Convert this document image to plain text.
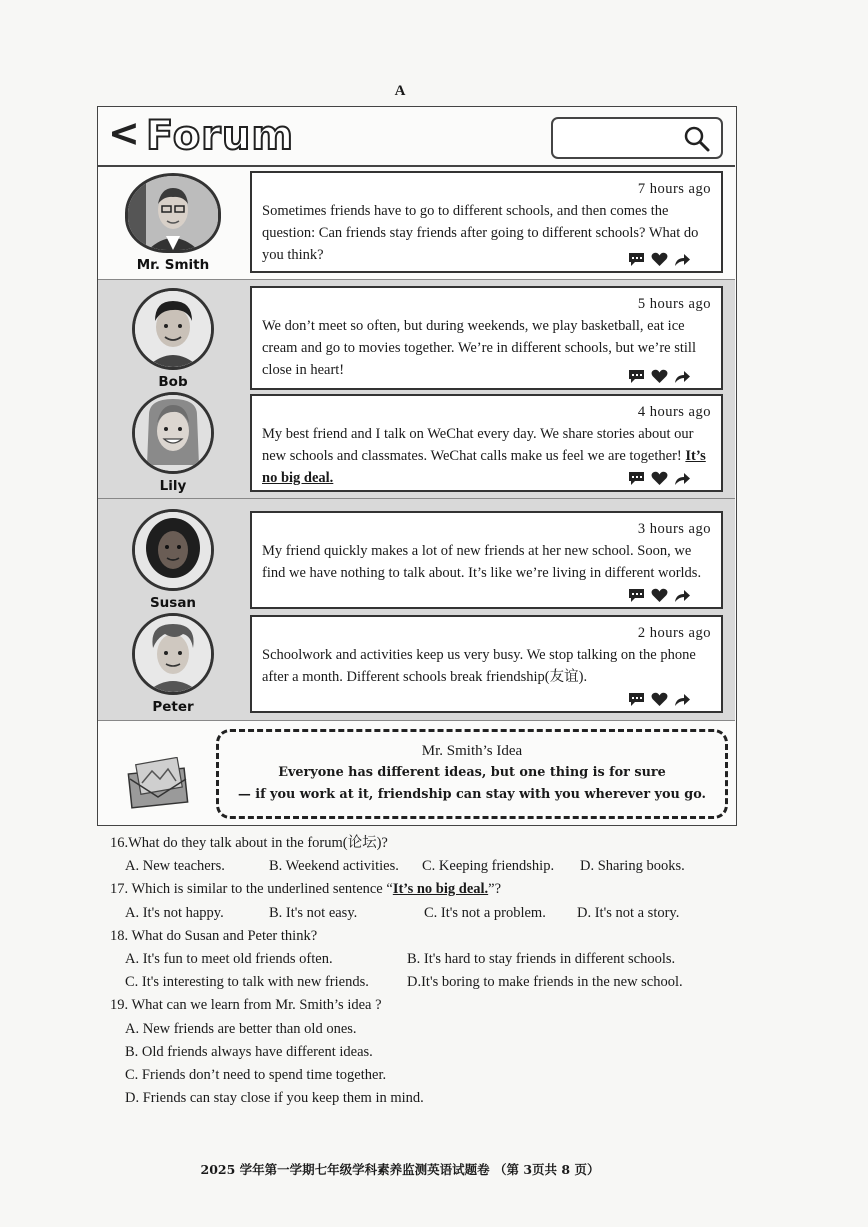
A
< Forum
Mr. Smith
7 hours ago
Sometimes friends have to go to different schools, and then comes the question: Can friends stay friends after going to different schools? What do you think?
Bob
5 hours ago
We don’t meet so often, but during weekends, we play basketball, eat ice cream and go to movies together. We’re in different schools, but we’re still close in heart!
Lily
4 hours ago
My best friend and I talk on WeChat every day. We share stories about our new schools and classmates. WeChat calls make us feel we are together! It’s no big deal.
Susan
3 hours ago
My friend quickly makes a lot of new friends at her new school. Soon, we find we have nothing to talk about. It’s like we’re living in different worlds.
Peter
2 hours ago
Schoolwork and activities keep us very busy. We stop talking on the phone after a month. Different schools break friendship(友谊).
Mr. Smith’s Idea
Everyone has different ideas, but one thing is for sure
— if you work at it, friendship can stay with you wherever you go.
16.What do they talk about in the forum(论坛)?
A. New teachers.	B. Weekend activities. C. Keeping friendship. D. Sharing books.
17. Which is similar to the underlined sentence “It’s no big deal.”?
A. It's not happy.	B. It's not easy.	C. It's not a problem. D. It's not a story.
18. What do Susan and Peter think?
A. It's fun to meet old friends often.	B. It's hard to stay friends in different schools.
C. It's interesting to talk with new friends.	D.It's boring to make friends in the new school.
19. What can we learn from Mr. Smith’s idea ?
A. New friends are better than old ones.
B. Old friends always have different ideas.
C. Friends don’t need to spend time together.
D. Friends can stay close if you keep them in mind.
2025 学年第一学期七年级学科素养监测英语试题卷 （第 3页共 8 页）
